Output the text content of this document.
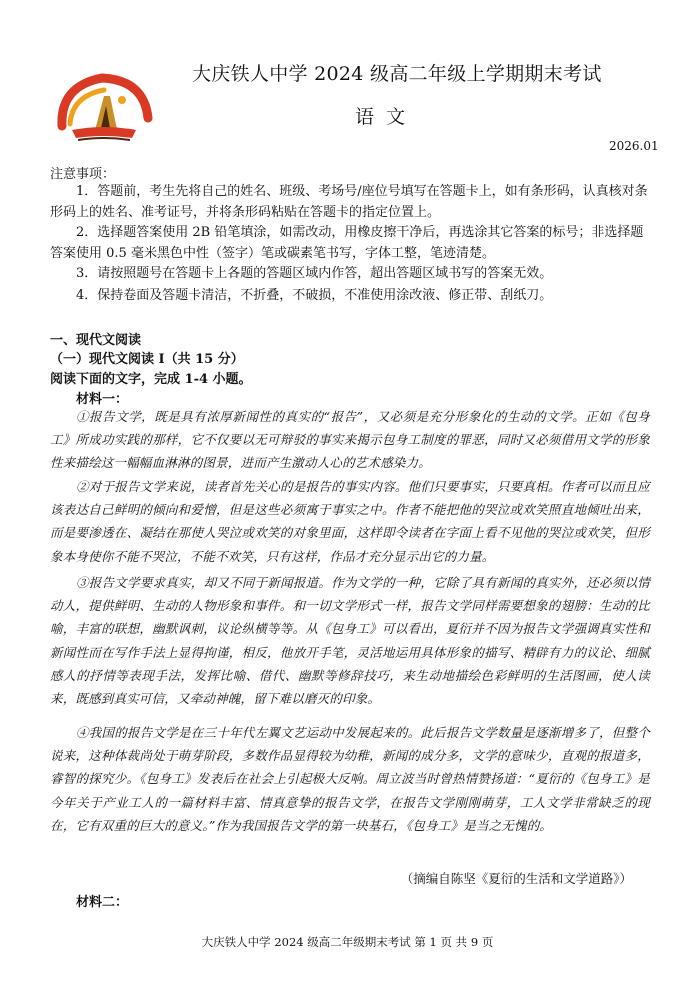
大庆铁人中学 2024 级高二年级上学期期末考试
语文
2026.01
注意事项：
1．答题前，考生先将自己的姓名、班级、考场号/座位号填写在答题卡上，如有条形码，认真核对条形码上的姓名、准考证号，并将条形码粘贴在答题卡的指定位置上。
2．选择题答案使用 2B 铅笔填涂，如需改动，用橡皮擦干净后，再选涂其它答案的标号；非选择题答案使用 0.5 毫米黑色中性（签字）笔或碳素笔书写，字体工整，笔迹清楚。
3．请按照题号在答题卡上各题的答题区域内作答，超出答题区域书写的答案无效。
4．保持卷面及答题卡清洁，不折叠，不破损，不准使用涂改液、修正带、刮纸刀。
一、现代文阅读
（一）现代文阅读 I（共 15 分）
阅读下面的文字，完成 1-4 小题。
材料一：
①报告文学，既是具有浓厚新闻性的真实的“报告”，又必须是充分形象化的生动的文学。正如《包身工》所成功实践的那样，它不仅要以无可辩驳的事实来揭示包身工制度的罪恶，同时又必须借用文学的形象性来描绘这一幅幅血淋淋的图景，进而产生激动人心的艺术感染力。
②对于报告文学来说，读者首先关心的是报告的事实内容。他们只要事实，只要真相。作者可以而且应该表达自己鲜明的倾向和爱憎，但是这些必须寓于事实之中。作者不能把他的哭泣或欢笑照直地倾吐出来，而是要渗透在、凝结在那使人哭泣或欢笑的对象里面，这样即令读者在字面上看不见他的哭泣或欢笑，但形象本身使你不能不哭泣，不能不欢笑，只有这样，作品才充分显示出它的力量。
③报告文学要求真实，却又不同于新闻报道。作为文学的一种，它除了具有新闻的真实外，还必须以情动人，提供鲜明、生动的人物形象和事件。和一切文学形式一样，报告文学同样需要想象的翅膀：生动的比喻，丰富的联想，幽默讽刺，议论纵横等等。从《包身工》可以看出，夏衍并不因为报告文学强调真实性和新闻性而在写作手法上显得拘谨，相反，他放开手笔，灵活地运用具体形象的描写、精辟有力的议论、细腻感人的抒情等表现手法，发挥比喻、借代、幽默等修辞技巧，来生动地描绘色彩鲜明的生活图画，使人读来，既感到真实可信，又牵动神魄，留下难以磨灭的印象。
④我国的报告文学是在三十年代左翼文艺运动中发展起来的。此后报告文学数量是逐渐增多了，但整个说来，这种体裁尚处于萌芽阶段，多数作品显得较为幼稚，新闻的成分多，文学的意味少，直观的报道多，睿智的探究少。《包身工》发表后在社会上引起极大反响。周立波当时曾热情赞扬道：“夏衍的《包身工》是今年关于产业工人的一篇材料丰富、情真意挚的报告文学，在报告文学刚刚萌芽，工人文学非常缺乏的现在，它有双重的巨大的意义。”作为我国报告文学的第一块基石，《包身工》是当之无愧的。
（摘编自陈坚《夏衍的生活和文学道路》）
材料二：
大庆铁人中学 2024 级高二年级期末考试 第 1 页 共 9 页
